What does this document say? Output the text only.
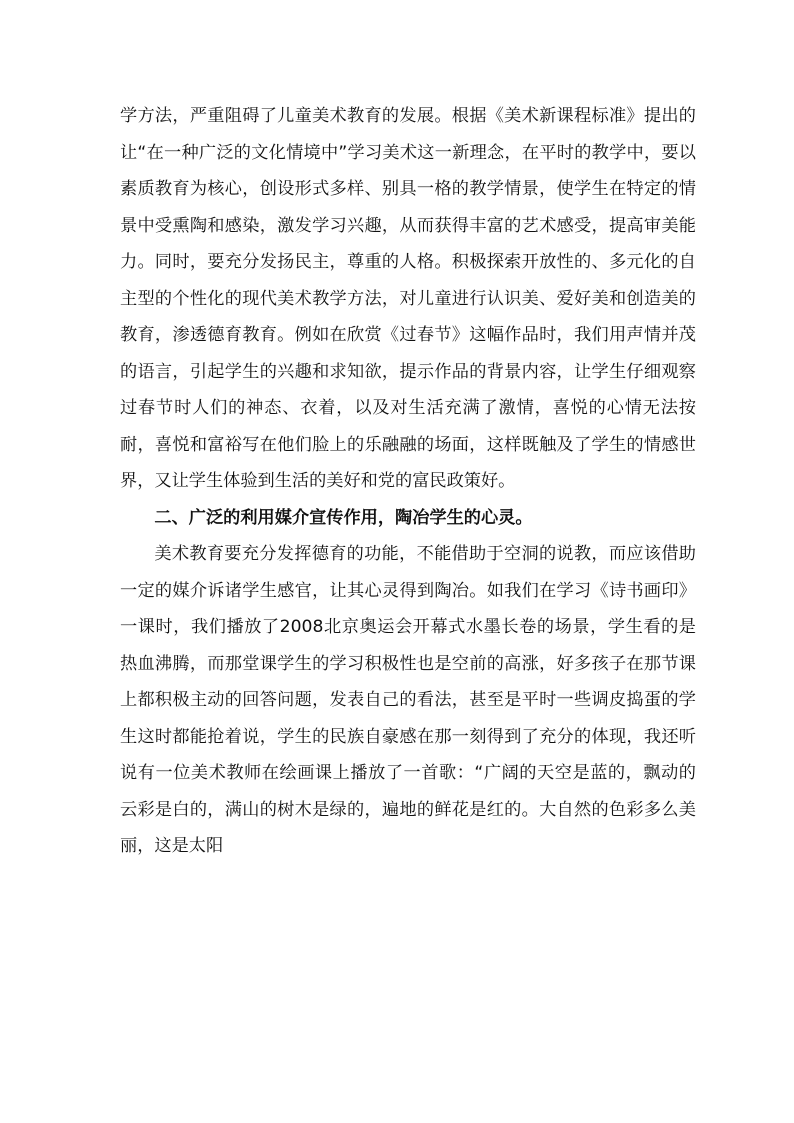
学方法，严重阻碍了儿童美术教育的发展。根据《美术新课程标准》提出的让“在一种广泛的文化情境中”学习美术这一新理念，在平时的教学中，要以素质教育为核心，创设形式多样、别具一格的教学情景，使学生在特定的情景中受熏陶和感染，激发学习兴趣，从而获得丰富的艺术感受，提高审美能力。同时，要充分发扬民主，尊重的人格。积极探索开放性的、多元化的自主型的个性化的现代美术教学方法，对儿童进行认识美、爱好美和创造美的教育，渗透德育教育。例如在欣赏《过春节》这幅作品时，我们用声情并茂的语言，引起学生的兴趣和求知欲，提示作品的背景内容，让学生仔细观察过春节时人们的神态、衣着，以及对生活充满了激情，喜悦的心情无法按耐，喜悦和富裕写在他们脸上的乐融融的场面，这样既触及了学生的情感世界，又让学生体验到生活的美好和党的富民政策好。

二、广泛的利用媒介宣传作用，陶冶学生的心灵。

美术教育要充分发挥德育的功能，不能借助于空洞的说教，而应该借助一定的媒介诉诸学生感官，让其心灵得到陶冶。如我们在学习《诗书画印》一课时，我们播放了2008北京奥运会开幕式水墨长卷的场景，学生看的是热血沸腾，而那堂课学生的学习积极性也是空前的高涨，好多孩子在那节课上都积极主动的回答问题，发表自己的看法，甚至是平时一些调皮捣蛋的学生这时都能抢着说，学生的民族自豪感在那一刻得到了充分的体现，我还听说有一位美术教师在绘画课上播放了一首歌：“广阔的天空是蓝的，飘动的云彩是白的，满山的树木是绿的，遍地的鲜花是红的。大自然的色彩多么美丽，这是太阳
